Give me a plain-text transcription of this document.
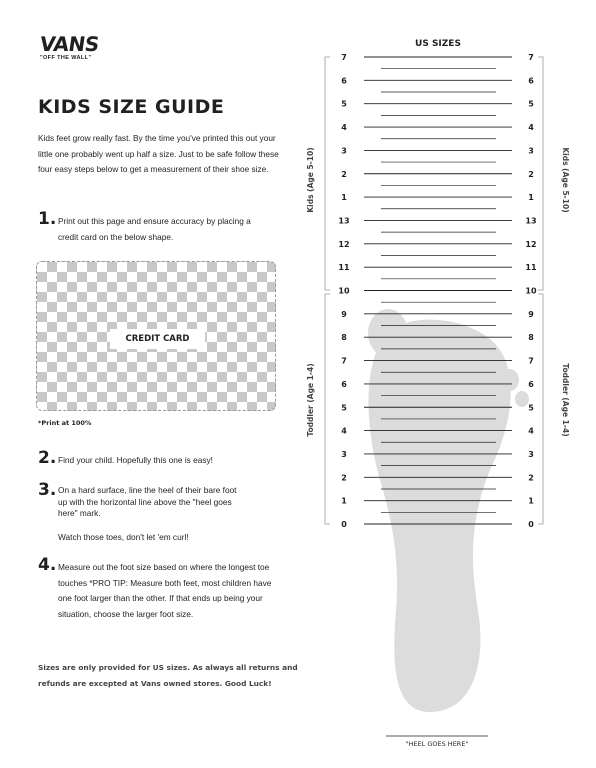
VANS
"OFF THE WALL"
KIDS SIZE GUIDE
Kids feet grow really fast. By the time you've printed this out your little one probably went up half a size. Just to be safe follow these four easy steps below to get a measurement of their shoe size.
1. Print out this page and ensure accuracy by placing a credit card on the below shape.
CREDIT CARD
*Print at 100%
2. Find your child. Hopefully this one is easy!
3. On a hard surface, line the heel of their bare foot up with the horizontal line above the "heel goes here" mark.
Watch those toes, don't let 'em curl!
4. Measure out the foot size based on where the longest toe touches *PRO TIP: Measure both feet, most children have one foot larger than the other. If that ends up being your situation, choose the larger foot size.
Sizes are only provided for US sizes. As always all returns and refunds are excepted at Vans owned stores. Good Luck!
US SIZES
Kids (Age 5-10)
Toddler (Age 1-4)
Kids (Age 5-10)
Toddler (Age 1-4)
7	7
6	6
5	5
4	4
3	3
2	2
1	1
13	13
12	12
11	11
10	10
9	9
8	8
7	7
6	6
5	5
4	4
3	3
2	2
1	1
0	0
"HEEL GOES HERE"
